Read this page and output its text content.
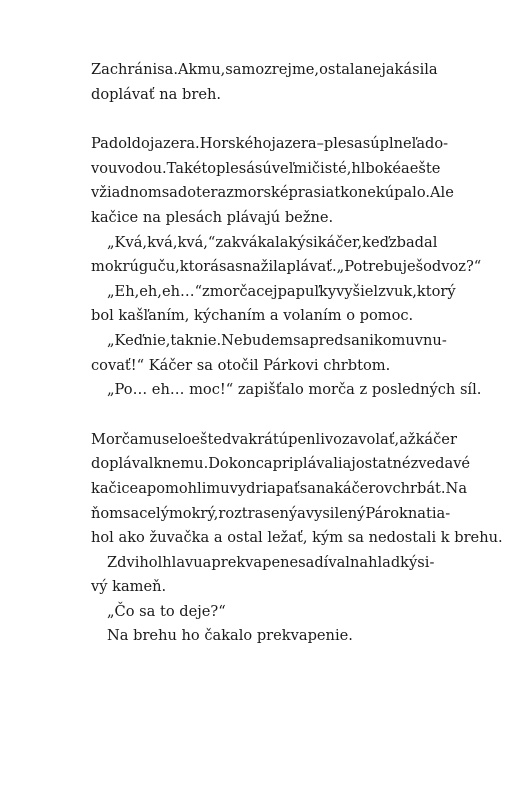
Zachráni sa. Ak mu, samozrejme, ostala nejaká sila
doplávať na breh.
Padol do jazera. Horského jazera – plesa s úplne ľado-
vou vodou. Takéto plesá sú veľmi čisté, hlboké a ešte
v žiadnom sa doteraz morské prasiatko nekúpalo. Ale
kačice na plesách plávajú bežne.
„Kvá, kvá, kvá,“ zakvákal akýsi káčer, keď zbadal
mokrú guču, ktorá sa snažila plávať. „Potrebuješ odvoz?“
„Eh, eh, eh…“ z morčacej papuľky vyšiel zvuk, ktorý
bol kašľaním, kýchaním a volaním o pomoc.
„Keď nie, tak nie. Nebudem sa predsa nikomu vnu-
covať!“ Káčer sa otočil Párkovi chrbtom.
„Po… eh… moc!“ zapišťalo morča z posledných síl.
Morča muselo ešte dvakrát úpenlivo zavolať, až káčer
doplával k nemu. Dokonca priplávali aj ostatné zvedavé
kačice a pomohli mu vydriapať sa na káčerov chrbát. Na
ňom sa celý mokrý, roztrasený a vysilený Párok natia-
hol ako žuvačka a ostal ležať, kým sa nedostali k brehu.
Zdvihol hlavu a prekvapene sa díval na hladký si-
vý kameň.
„Čo sa to deje?“
Na brehu ho čakalo prekvapenie.
